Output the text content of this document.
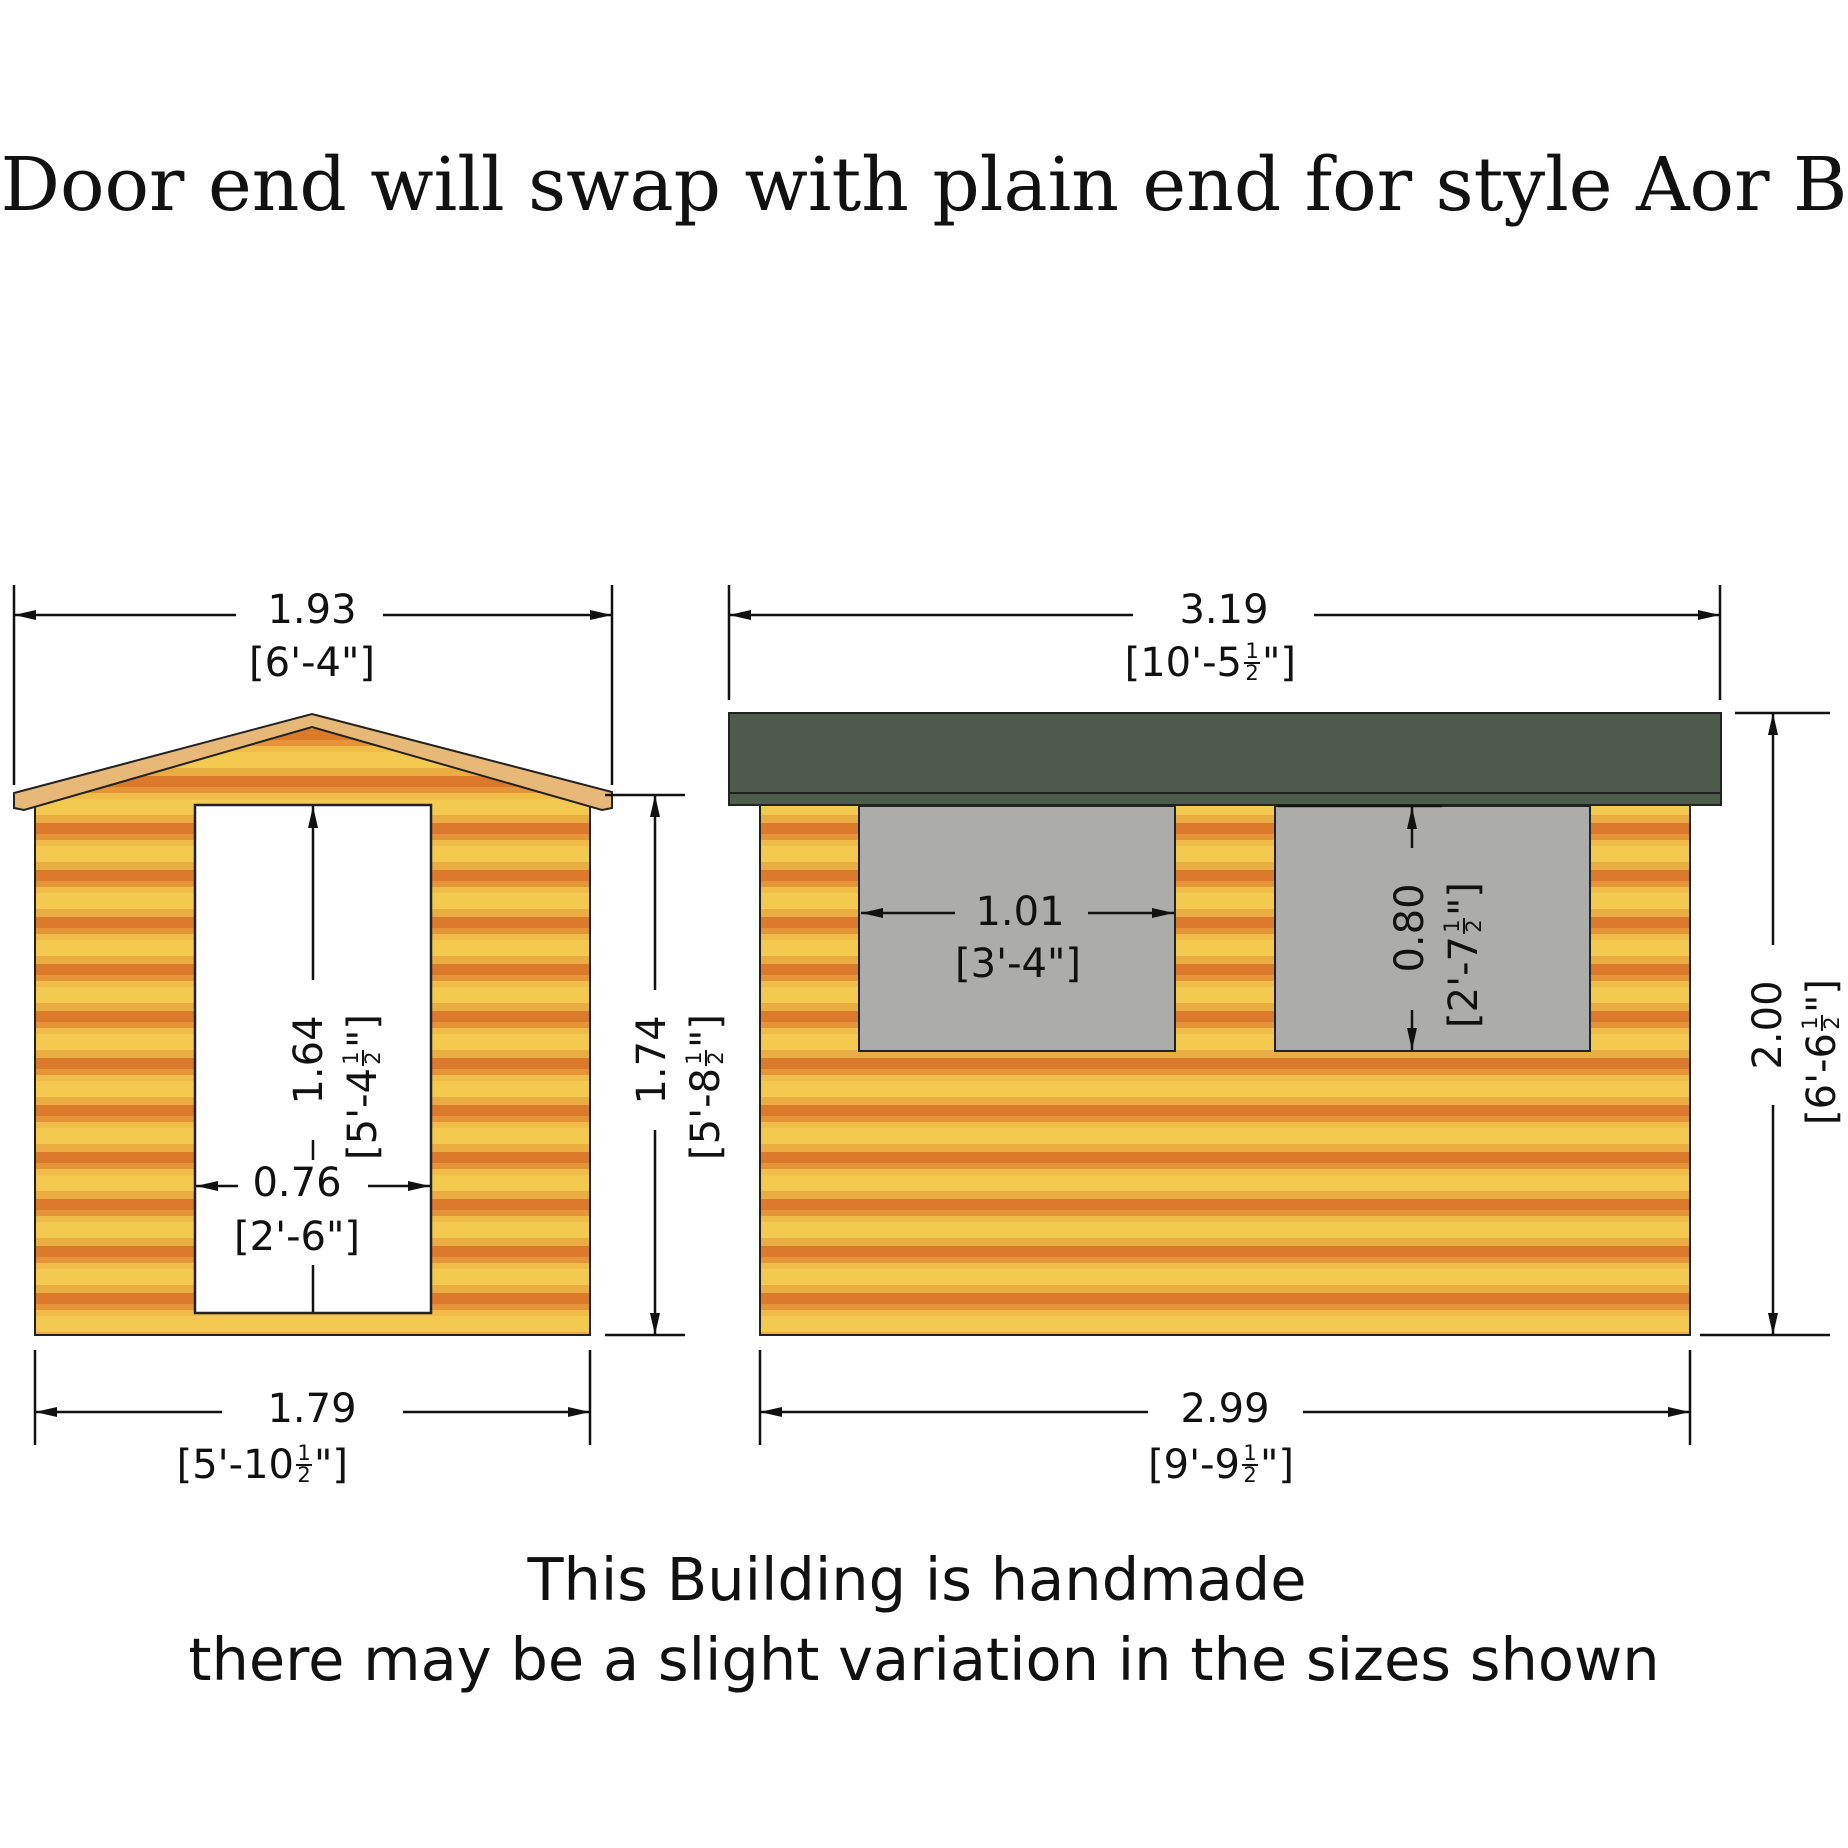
Door end will swap with plain end for style Aor B
1.93
[6'-4"]
1.79
[5'-10 1
2 "]
1.74
[5'-8
1
2
"]
1.64
[5'-4
1
2
"]
0.76
[2'-6"]
3.19
[10'-5 1
2 "]
2.99
[9'-9 1
2 "]
2.00
[6'-6
1
2
"]
1.01
[3'-4"]	0.80
[2'-7
1
2
"]
This Building is handmade
there may be a slight variation in the sizes shown
